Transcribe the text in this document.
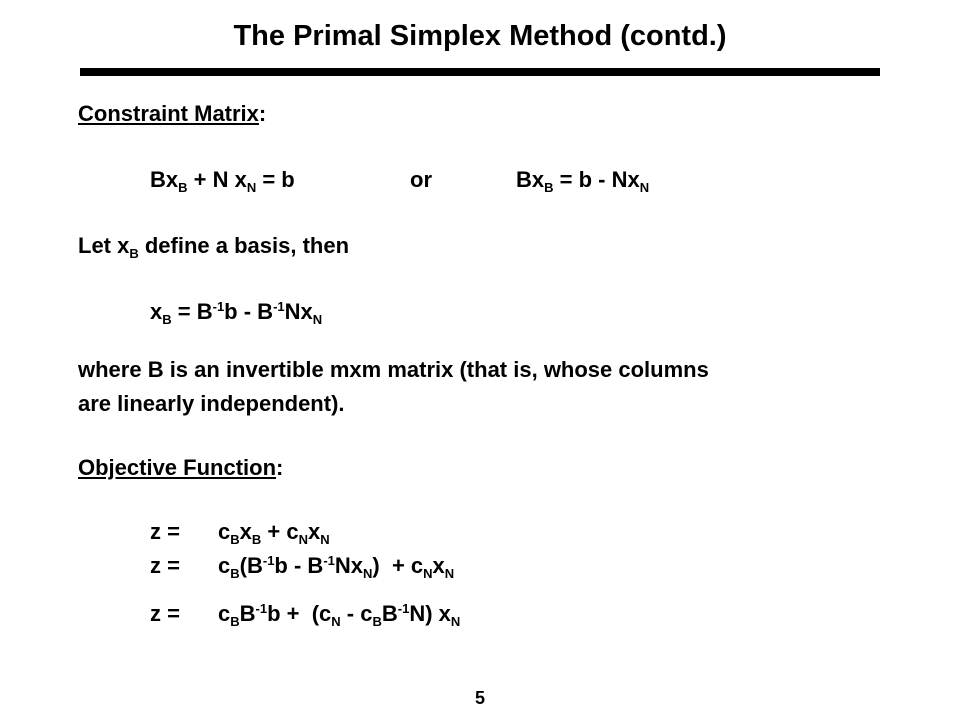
The Primal Simplex Method (contd.)
Constraint Matrix:
$Bx_B + N$ $x_N = b$	or	$Bx_B = b - Nx_N$
Let $x_B$ define a basis, then
$x_B = B^{-1}b - B^{-1}Nx_N$
where B is an invertible mxm matrix (that is, whose columns
are linearly independent).
Objective Function:
$z = c_Bx_B + c_Nx_N$
$z = c_B(B^{-1}b - B^{-1}Nx_N) + c_Nx_N$
$z = c_BB^{-1}b + (c_N - c_BB^{-1}N)$ $x_N$
5
